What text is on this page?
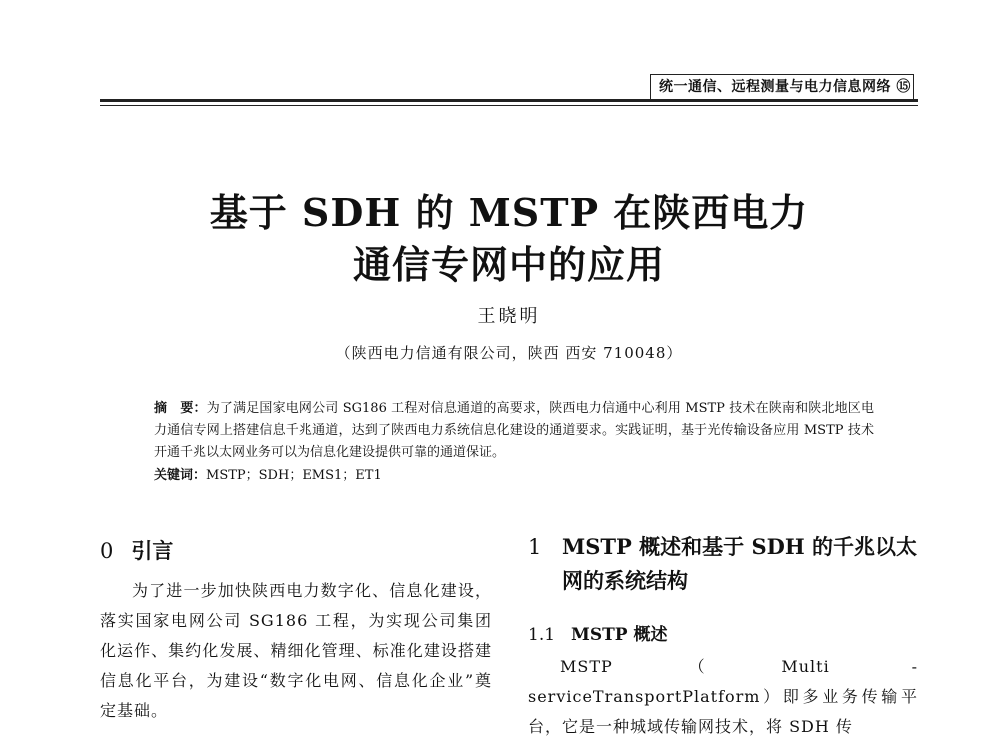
统一通信、远程测量与电力信息网络 ⑮
基于 SDH 的 MSTP 在陕西电力
通信专网中的应用
王晓明
（陕西电力信通有限公司，陕西 西安 710048）
摘　要：为了满足国家电网公司 SG186 工程对信息通道的高要求，陕西电力信通中心利用 MSTP 技术在陕南和陕北地区电力通信专网上搭建信息千兆通道，达到了陕西电力系统信息化建设的通道要求。实践证明，基于光传输设备应用 MSTP 技术开通千兆以太网业务可以为信息化建设提供可靠的通道保证。
关键词：MSTP；SDH；EMS1；ET1
0 引言
为了进一步加快陕西电力数字化、信息化建设，落实国家电网公司 SG186 工程，为实现公司集团化运作、集约化发展、精细化管理、标准化建设搭建信息化平台，为建设“数字化电网、信息化企业”奠定基础。
1 MSTP 概述和基于 SDH 的千兆以太
网的系统结构
1.1 MSTP 概述
MSTP（Multi - serviceTransportPlatform）即多业务传输平台，它是一种城域传输网技术，将 SDH 传
